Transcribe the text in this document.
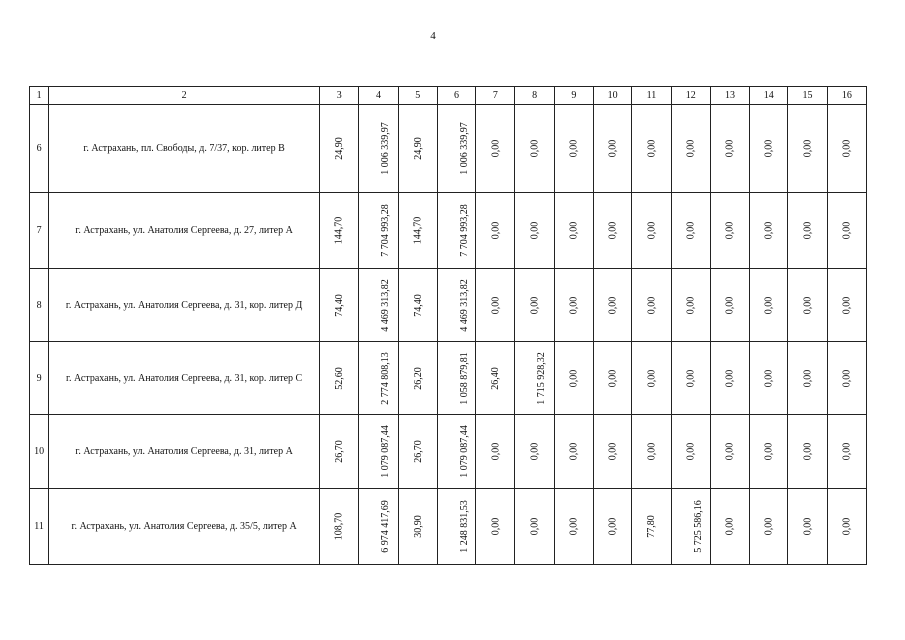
4
1	2	3	4	5	6	7	8	9	10	11	12	13	14	15	16
6	г. Астрахань, пл. Свободы, д. 7/37, кор. литер В	24,90	1 006 339,97	24,90	1 006 339,97	0,00	0,00	0,00	0,00	0,00	0,00	0,00	0,00	0,00	0,00
7	г. Астрахань, ул. Анатолия Сергеева, д. 27, литер А	144,70	7 704 993,28	144,70	7 704 993,28	0,00	0,00	0,00	0,00	0,00	0,00	0,00	0,00	0,00	0,00
8	г. Астрахань, ул. Анатолия Сергеева, д. 31, кор. литер Д	74,40	4 469 313,82	74,40	4 469 313,82	0,00	0,00	0,00	0,00	0,00	0,00	0,00	0,00	0,00	0,00
9	г. Астрахань, ул. Анатолия Сергеева, д. 31, кор. литер С	52,60	2 774 808,13	26,20	1 058 879,81	26,40	1 715 928,32	0,00	0,00	0,00	0,00	0,00	0,00	0,00	0,00
10	г. Астрахань, ул. Анатолия Сергеева, д. 31, литер А	26,70	1 079 087,44	26,70	1 079 087,44	0,00	0,00	0,00	0,00	0,00	0,00	0,00	0,00	0,00	0,00
11	г. Астрахань, ул. Анатолия Сергеева, д. 35/5, литер А	108,70	6 974 417,69	30,90	1 248 831,53	0,00	0,00	0,00	0,00	77,80	5 725 586,16	0,00	0,00	0,00	0,00
